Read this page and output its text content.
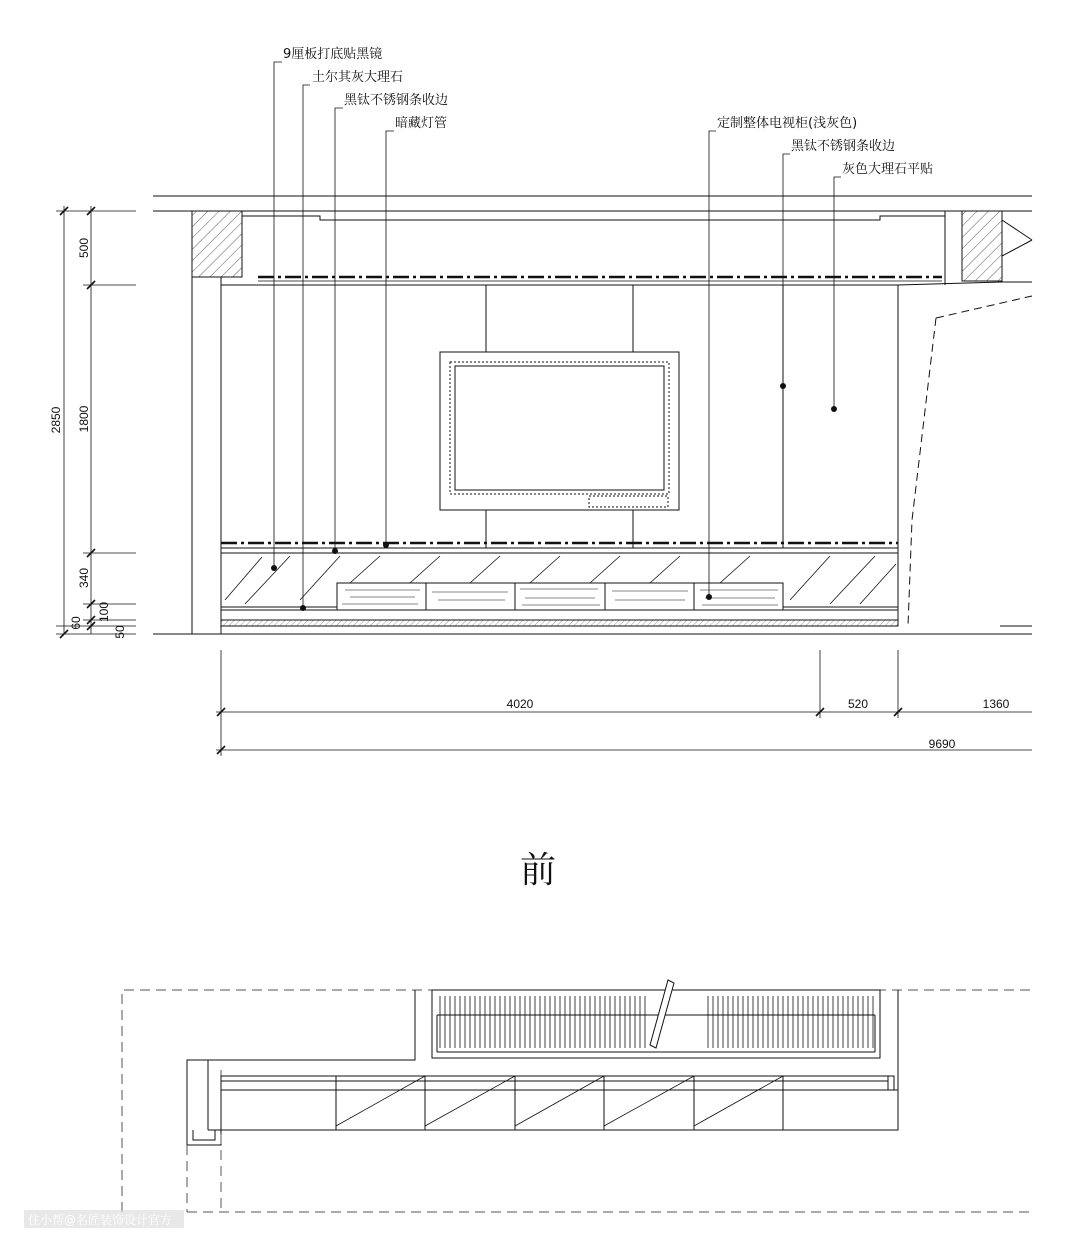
9厘板打底贴黑镜
土尔其灰大理石
黑钛不锈钢条收边
暗藏灯管	定制整体电视柜(浅灰色)
黑钛不锈钢条收边
灰色大理石平贴
2850
500
1800
340
100
60
50
4020	520	1360
9690
前
住小帮@名匠装饰设计官方
